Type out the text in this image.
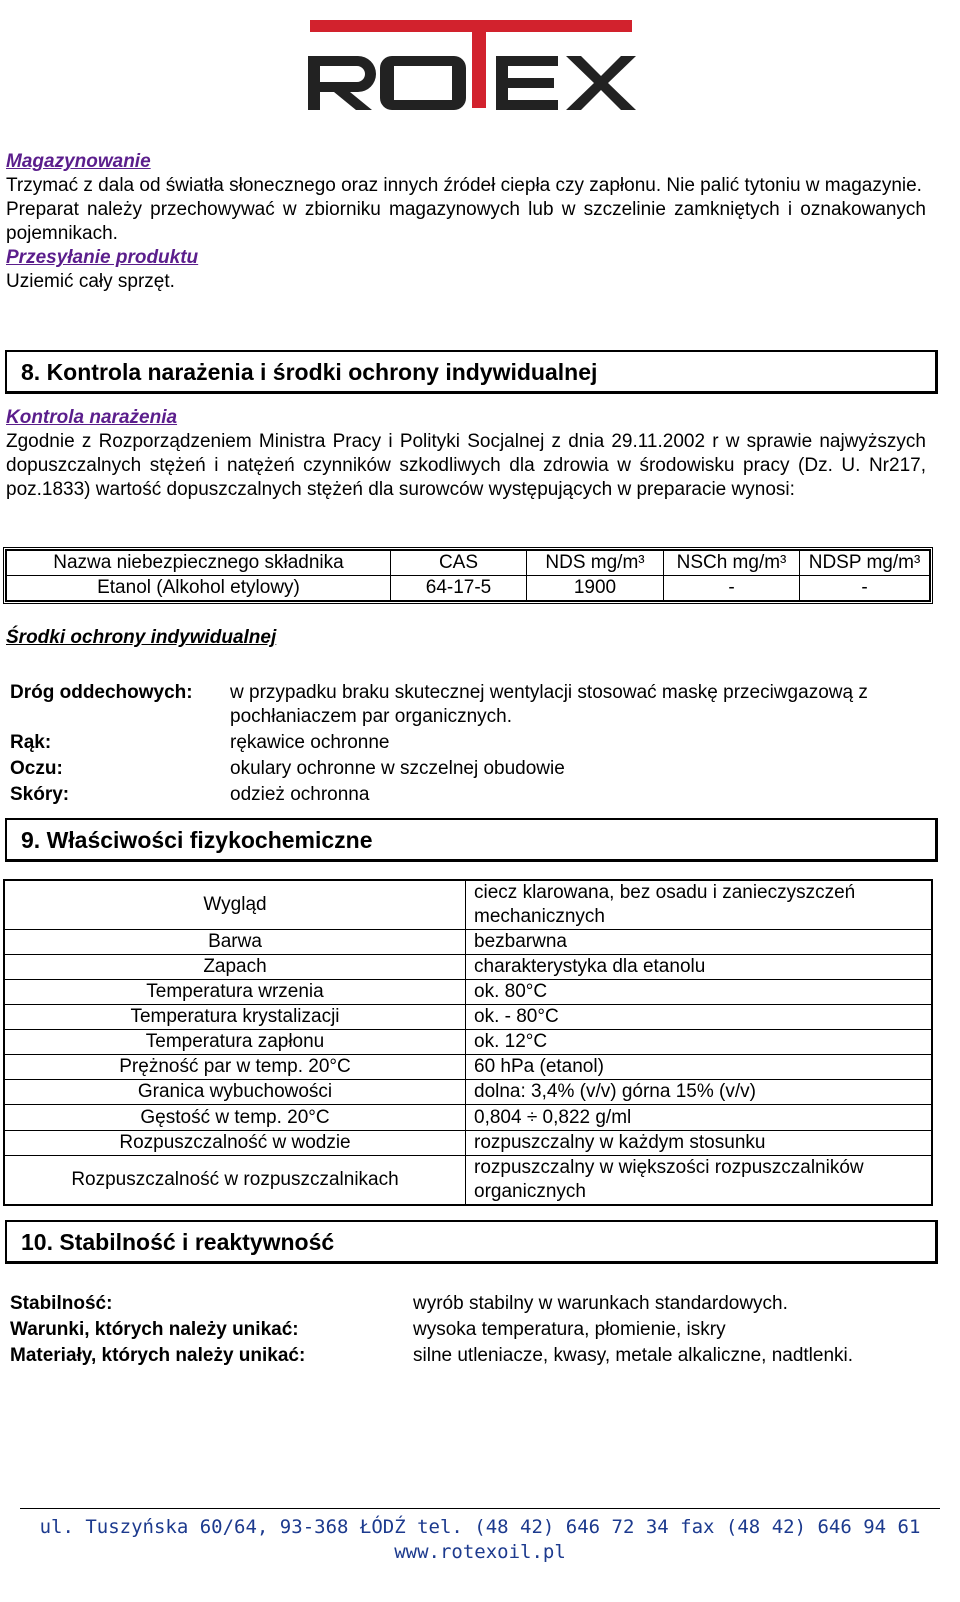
Magazynowanie
Trzymać z dala od światła słonecznego oraz innych źródeł ciepła czy zapłonu. Nie palić tytoniu w magazynie.
Preparat należy przechowywać w zbiorniku magazynowych lub w szczelinie zamkniętych i oznakowanych pojemnikach.
Przesyłanie produktu
Uziemić cały sprzęt.
8. Kontrola narażenia i środki ochrony indywidualnej
Kontrola narażenia
Zgodnie z Rozporządzeniem Ministra Pracy i Polityki Socjalnej z dnia 29.11.2002 r w sprawie najwyższych dopuszczalnych stężeń i natężeń czynników szkodliwych dla zdrowia w środowisku pracy (Dz. U. Nr217, poz.1833) wartość dopuszczalnych stężeń dla surowców występujących w preparacie wynosi:
Nazwa niebezpiecznego składnika	CAS	NDS mg/m³	NSCh mg/m³	NDSP mg/m³
Etanol (Alkohol etylowy)	64-17-5	1900	-	-
Środki ochrony indywidualnej
Dróg oddechowych:	w przypadku braku skutecznej wentylacji stosować maskę przeciwgazową z pochłaniaczem par organicznych.
Rąk:	rękawice ochronne
Oczu:	okulary ochronne w szczelnej obudowie
Skóry:	odzież ochronna
9. Właściwości fizykochemiczne
Wygląd	ciecz klarowana, bez osadu i zanieczyszczeń mechanicznych
Barwa	bezbarwna
Zapach	charakterystyka dla etanolu
Temperatura wrzenia	ok. 80°C
Temperatura krystalizacji	ok. - 80°C
Temperatura zapłonu	ok. 12°C
Prężność par w temp. 20°C	60 hPa (etanol)
Granica wybuchowości	dolna: 3,4% (v/v) górna 15% (v/v)
Gęstość w temp. 20°C	0,804 ÷ 0,822 g/ml
Rozpuszczalność w wodzie	rozpuszczalny w każdym stosunku
Rozpuszczalność w rozpuszczalnikach	rozpuszczalny w większości rozpuszczalników organicznych
10. Stabilność i reaktywność
Stabilność:	wyrób stabilny w warunkach standardowych.
Warunki, których należy unikać:	wysoka temperatura, płomienie, iskry
Materiały, których należy unikać:	silne utleniacze, kwasy, metale alkaliczne, nadtlenki.
ul. Tuszyńska 60/64, 93-368 ŁÓDŹ tel. (48 42) 646 72 34 fax (48 42) 646 94 61
www.rotexoil.pl
